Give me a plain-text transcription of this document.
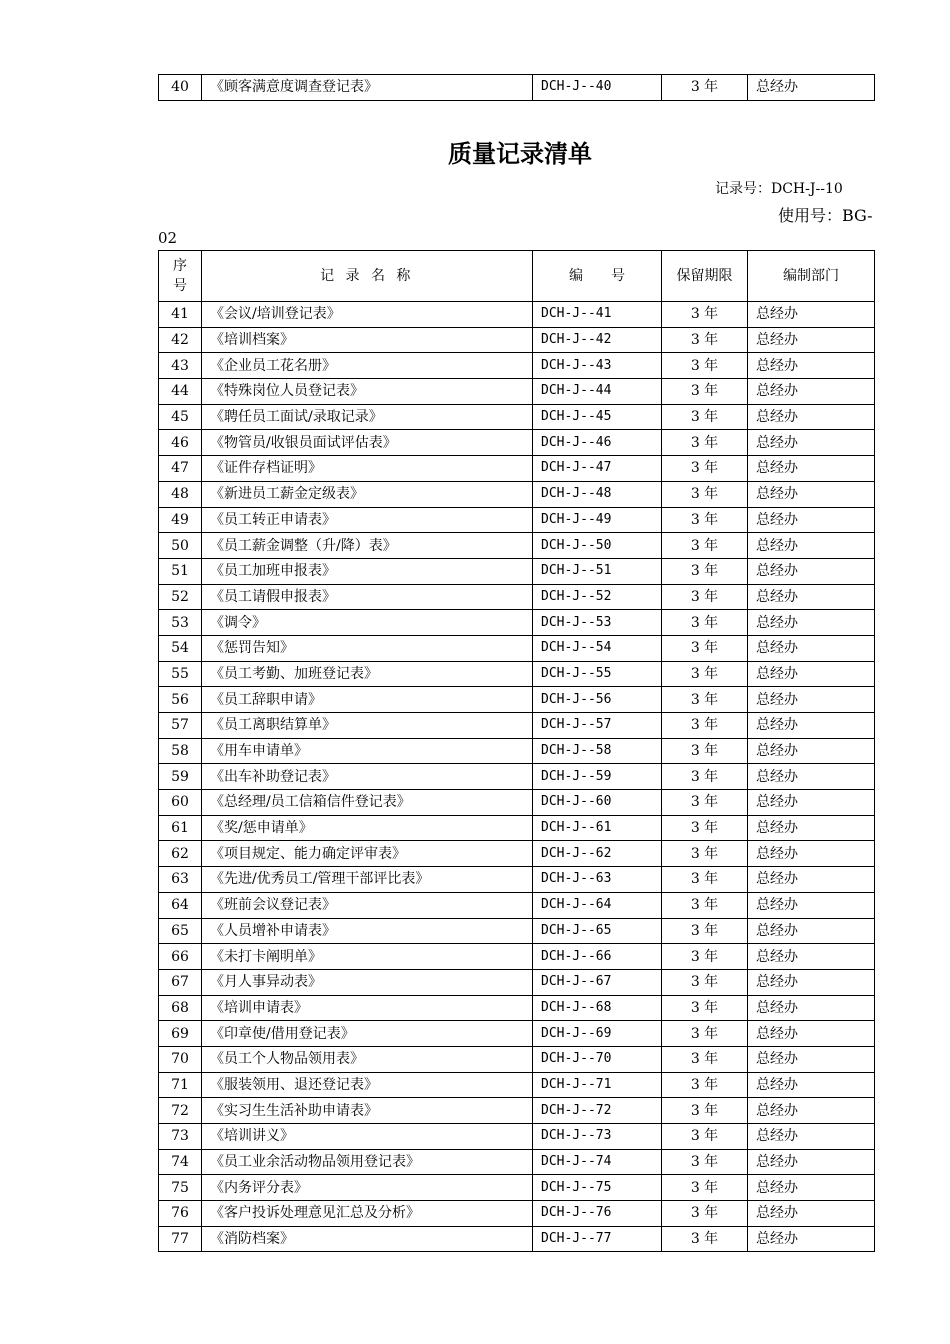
40	《顾客满意度调查登记表》	DCH-J--40	3 年	总经办
质量记录清单
记录号：DCH-J--10
使用号：BG-
02
序号	记 录 名 称	编　　号	保留期限	编制部门
41	《会议/培训登记表》	DCH-J--41	3 年	总经办
42	《培训档案》	DCH-J--42	3 年	总经办
43	《企业员工花名册》	DCH-J--43	3 年	总经办
44	《特殊岗位人员登记表》	DCH-J--44	3 年	总经办
45	《聘任员工面试/录取记录》	DCH-J--45	3 年	总经办
46	《物管员/收银员面试评估表》	DCH-J--46	3 年	总经办
47	《证件存档证明》	DCH-J--47	3 年	总经办
48	《新进员工薪金定级表》	DCH-J--48	3 年	总经办
49	《员工转正申请表》	DCH-J--49	3 年	总经办
50	《员工薪金调整（升/降）表》	DCH-J--50	3 年	总经办
51	《员工加班申报表》	DCH-J--51	3 年	总经办
52	《员工请假申报表》	DCH-J--52	3 年	总经办
53	《调令》	DCH-J--53	3 年	总经办
54	《惩罚告知》	DCH-J--54	3 年	总经办
55	《员工考勤、加班登记表》	DCH-J--55	3 年	总经办
56	《员工辞职申请》	DCH-J--56	3 年	总经办
57	《员工离职结算单》	DCH-J--57	3 年	总经办
58	《用车申请单》	DCH-J--58	3 年	总经办
59	《出车补助登记表》	DCH-J--59	3 年	总经办
60	《总经理/员工信箱信件登记表》	DCH-J--60	3 年	总经办
61	《奖/惩申请单》	DCH-J--61	3 年	总经办
62	《项目规定、能力确定评审表》	DCH-J--62	3 年	总经办
63	《先进/优秀员工/管理干部评比表》	DCH-J--63	3 年	总经办
64	《班前会议登记表》	DCH-J--64	3 年	总经办
65	《人员增补申请表》	DCH-J--65	3 年	总经办
66	《未打卡阐明单》	DCH-J--66	3 年	总经办
67	《月人事异动表》	DCH-J--67	3 年	总经办
68	《培训申请表》	DCH-J--68	3 年	总经办
69	《印章使/借用登记表》	DCH-J--69	3 年	总经办
70	《员工个人物品领用表》	DCH-J--70	3 年	总经办
71	《服装领用、退还登记表》	DCH-J--71	3 年	总经办
72	《实习生生活补助申请表》	DCH-J--72	3 年	总经办
73	《培训讲义》	DCH-J--73	3 年	总经办
74	《员工业余活动物品领用登记表》	DCH-J--74	3 年	总经办
75	《内务评分表》	DCH-J--75	3 年	总经办
76	《客户投诉处理意见汇总及分析》	DCH-J--76	3 年	总经办
77	《消防档案》	DCH-J--77	3 年	总经办
